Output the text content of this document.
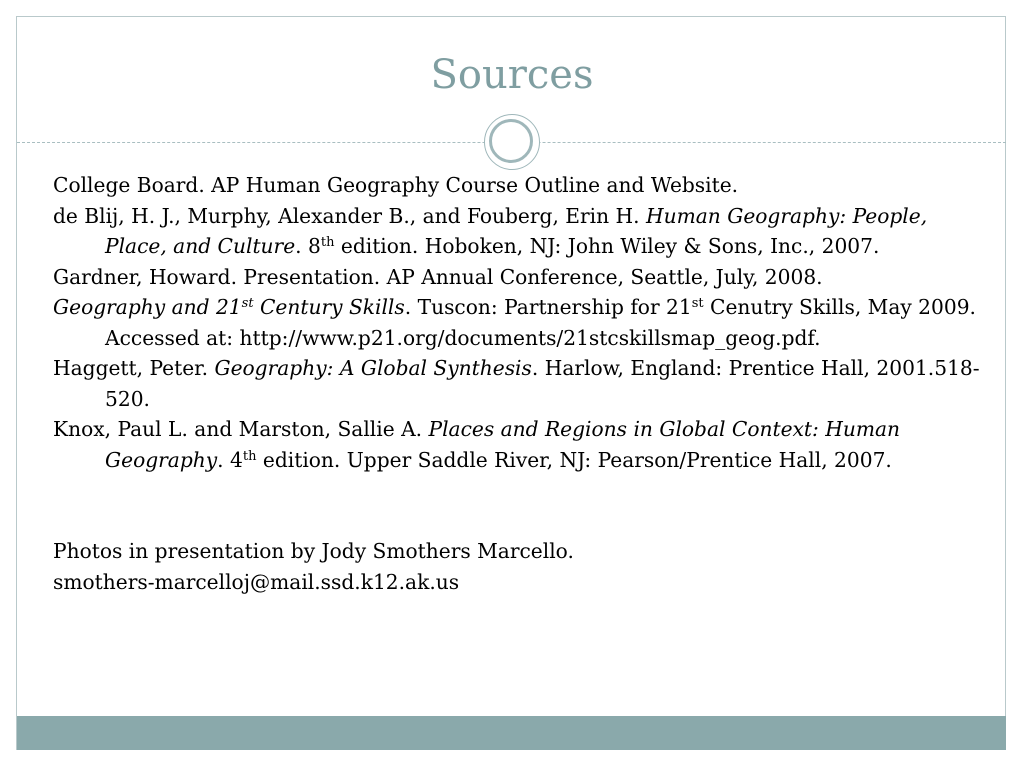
Sources

College Board. AP Human Geography Course Outline and Website.

de Blij, H. J., Murphy, Alexander B., and Fouberg, Erin H. Human Geography: People, Place, and Culture. 8th edition. Hoboken, NJ: John Wiley & Sons, Inc., 2007.

Gardner, Howard. Presentation. AP Annual Conference, Seattle, July, 2008.

Geography and 21st Century Skills. Tuscon: Partnership for 21st Cenutry Skills, May 2009. Accessed at: http://www.p21.org/documents/21stcskillsmap_geog.pdf.

Haggett, Peter. Geography: A Global Synthesis. Harlow, England: Prentice Hall, 2001.518-520.

Knox, Paul L. and Marston, Sallie A. Places and Regions in Global Context: Human Geography. 4th edition. Upper Saddle River, NJ: Pearson/Prentice Hall, 2007.

Photos in presentation by Jody Smothers Marcello.

smothers-marcelloj@mail.ssd.k12.ak.us
